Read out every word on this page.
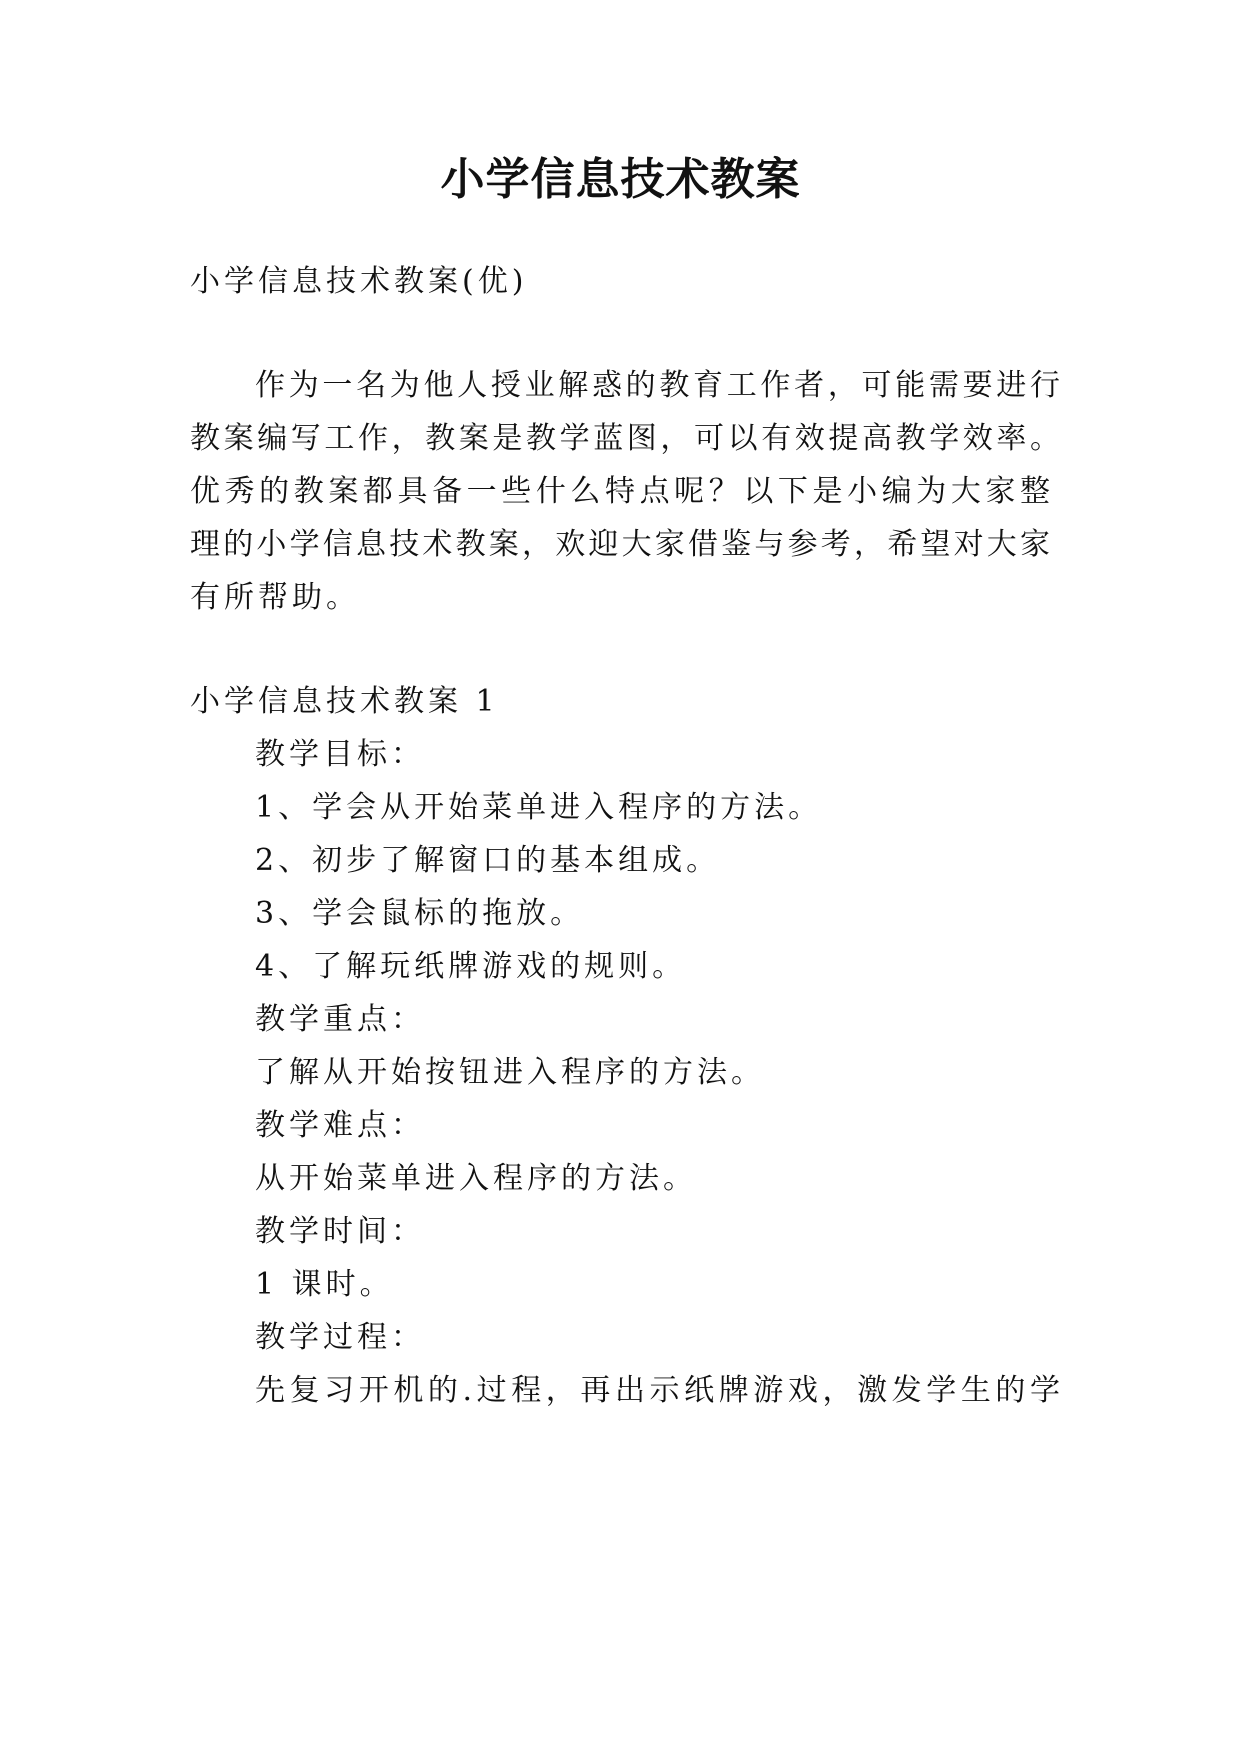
小学信息技术教案
小学信息技术教案(优)
作为一名为他人授业解惑的教育工作者，可能需要进行
教案编写工作，教案是教学蓝图，可以有效提高教学效率。
优秀的教案都具备一些什么特点呢？以下是小编为大家整
理的小学信息技术教案，欢迎大家借鉴与参考，希望对大家
有所帮助。
小学信息技术教案 1
教学目标：
1、学会从开始菜单进入程序的方法。
2、初步了解窗口的基本组成。
3、学会鼠标的拖放。
4、了解玩纸牌游戏的规则。
教学重点：
了解从开始按钮进入程序的方法。
教学难点：
从开始菜单进入程序的方法。
教学时间：
1 课时。
教学过程：
先复习开机的.过程，再出示纸牌游戏，激发学生的学
